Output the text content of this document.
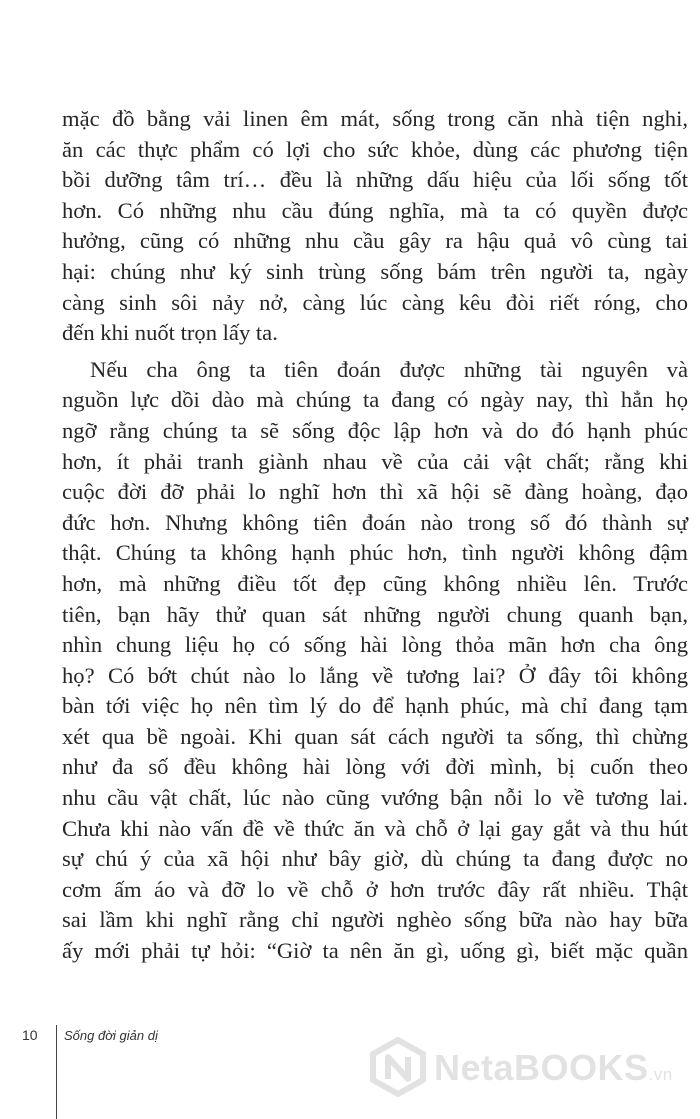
mặc đồ bằng vải linen êm mát, sống trong căn nhà tiện nghi,
ăn các thực phẩm có lợi cho sức khỏe, dùng các phương tiện
bồi dưỡng tâm trí… đều là những dấu hiệu của lối sống tốt
hơn. Có những nhu cầu đúng nghĩa, mà ta có quyền được
hưởng, cũng có những nhu cầu gây ra hậu quả vô cùng tai
hại: chúng như ký sinh trùng sống bám trên người ta, ngày
càng sinh sôi nảy nở, càng lúc càng kêu đòi riết róng, cho
đến khi nuốt trọn lấy ta.
Nếu cha ông ta tiên đoán được những tài nguyên và
nguồn lực dồi dào mà chúng ta đang có ngày nay, thì hẳn họ
ngỡ rằng chúng ta sẽ sống độc lập hơn và do đó hạnh phúc
hơn, ít phải tranh giành nhau về của cải vật chất; rằng khi
cuộc đời đỡ phải lo nghĩ hơn thì xã hội sẽ đàng hoàng, đạo
đức hơn. Nhưng không tiên đoán nào trong số đó thành sự
thật. Chúng ta không hạnh phúc hơn, tình người không đậm
hơn, mà những điều tốt đẹp cũng không nhiều lên. Trước
tiên, bạn hãy thử quan sát những người chung quanh bạn,
nhìn chung liệu họ có sống hài lòng thỏa mãn hơn cha ông
họ? Có bớt chút nào lo lắng về tương lai? Ở đây tôi không
bàn tới việc họ nên tìm lý do để hạnh phúc, mà chỉ đang tạm
xét qua bề ngoài. Khi quan sát cách người ta sống, thì chừng
như đa số đều không hài lòng với đời mình, bị cuốn theo
nhu cầu vật chất, lúc nào cũng vướng bận nỗi lo về tương lai.
Chưa khi nào vấn đề về thức ăn và chỗ ở lại gay gắt và thu hút
sự chú ý của xã hội như bây giờ, dù chúng ta đang được no
cơm ấm áo và đỡ lo về chỗ ở hơn trước đây rất nhiều. Thật
sai lầm khi nghĩ rằng chỉ người nghèo sống bữa nào hay bữa
ấy mới phải tự hỏi: “Giờ ta nên ăn gì, uống gì, biết mặc quần
10 Sống đời giản dị
NetaBOOKS.vn
